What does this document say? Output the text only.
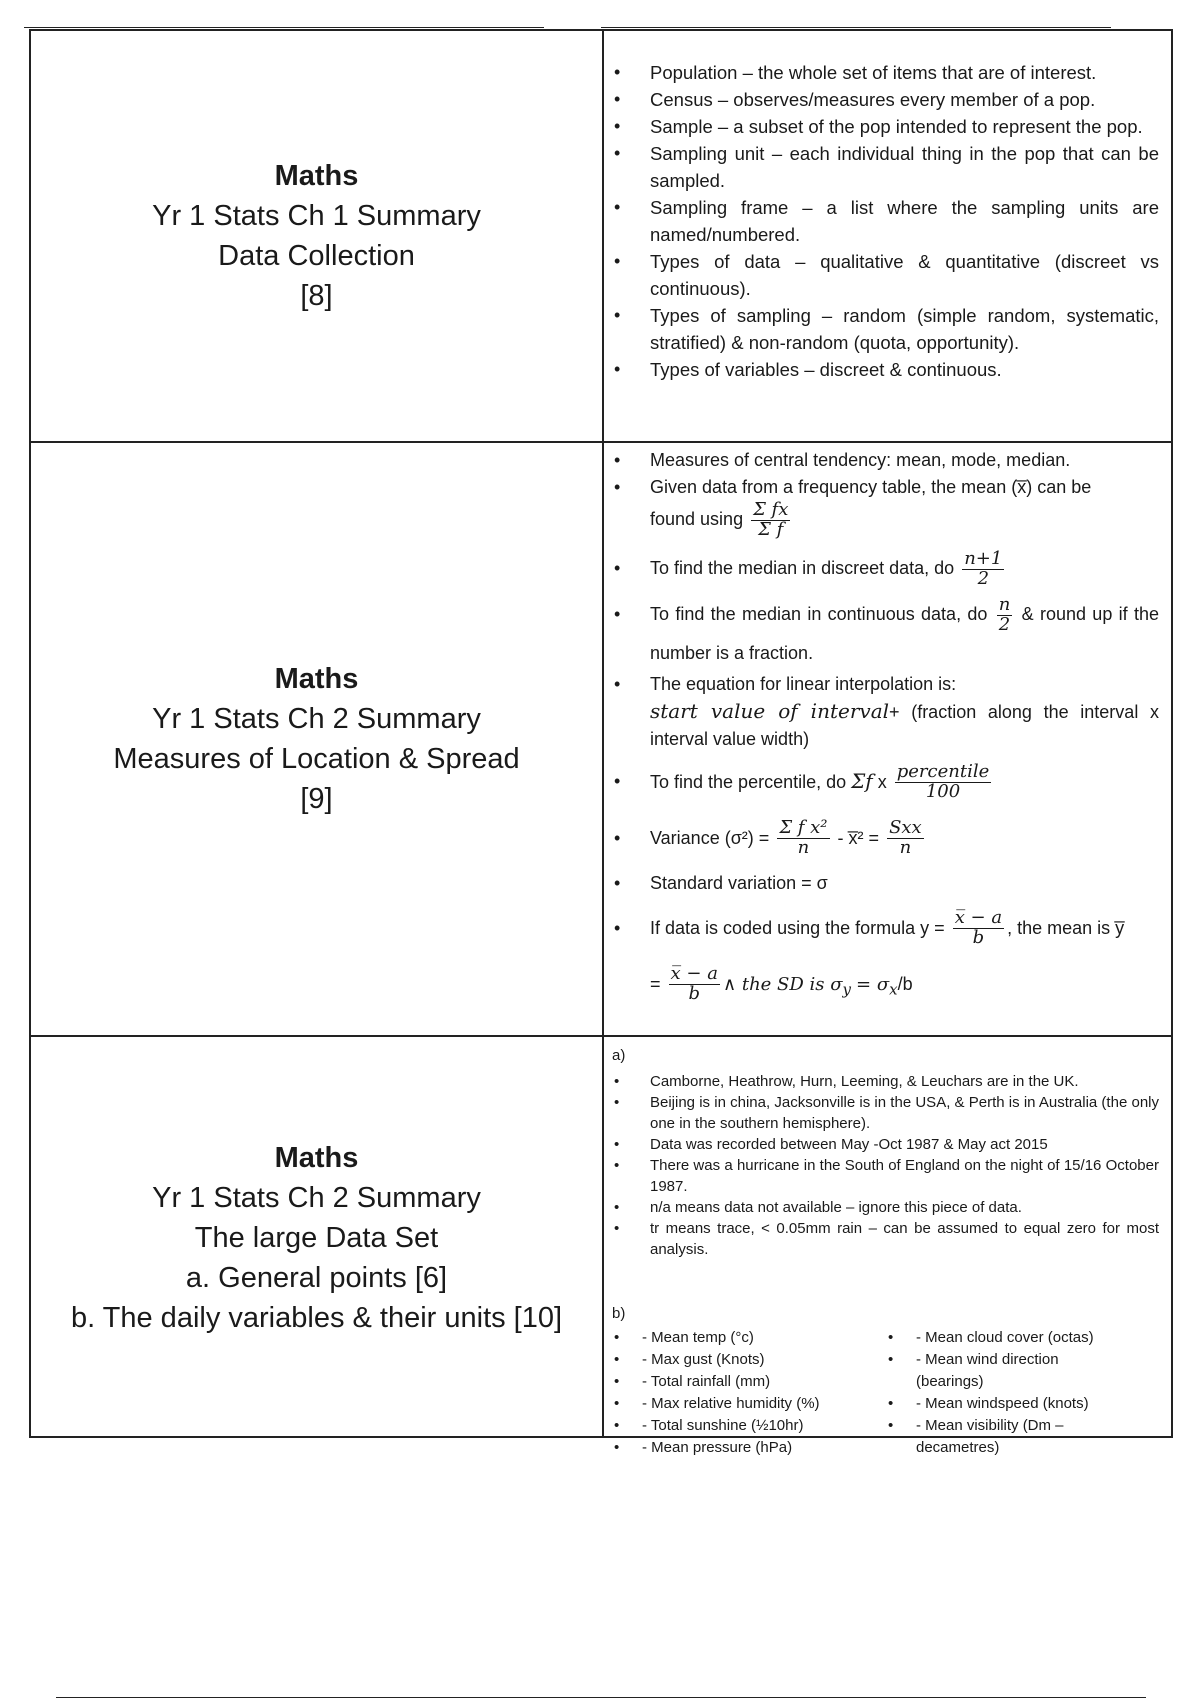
Maths
Yr 1 Stats Ch 1 Summary
Data Collection
[8]
• Population – the whole set of items that are of interest.
• Census – observes/measures every member of a pop.
• Sample – a subset of the pop intended to represent the pop.
• Sampling unit – each individual thing in the pop that can be sampled.
• Sampling frame – a list where the sampling units are named/numbered.
• Types of data – qualitative & quantitative (discreet vs continuous).
• Types of sampling – random (simple random, systematic, stratified) & non-random (quota, opportunity).
• Types of variables – discreet & continuous.
Maths
Yr 1 Stats Ch 2 Summary
Measures of Location & Spread
[9]
• Measures of central tendency: mean, mode, median.
• Given data from a frequency table, the mean (x̅) can be
found using $\frac{\text{Σ fx}}{\text{Σ f}}$
• To find the median in discreet data, do $\frac{n+1}{2}$
• To find the median in continuous data, do $\frac{n}{2}$ & round up if the number is a fraction.
• The equation for linear interpolation is:
start value of interval+ (fraction along the interval x interval value width)
• To find the percentile, do Σf x $\frac{\text{percentile}}{100}$
• Variance $(\sigma^2) = \frac{\text{Σ f x²}}{n}$ - x̅² = $\frac{\text{Sxx}}{n}$
• Standard variation = σ
• If data is coded using the formula $y = \frac{x̅ - a}{b}$ , the mean is y̅
= $\frac{x̅ - a}{b}$ ∧ the SD is $\sigma_y = \sigma_x/b$
Maths
Yr 1 Stats Ch 2 Summary
The large Data Set
a. General points [6]
b. The daily variables & their units [10]
a)
• Camborne, Heathrow, Hurn, Leeming, & Leuchars are in the UK.
• Beijing is in china, Jacksonville is in the USA, & Perth is in Australia (the only one in the southern hemisphere).
• Data was recorded between May -Oct 1987 & May act 2015
• There was a hurricane in the South of England on the night of 15/16 October 1987.
• n/a means data not available – ignore this piece of data.
• tr means trace, < 0.05mm rain – can be assumed to equal zero for most analysis.
b)
• - Mean temp (°c)
• - Max gust (Knots)
• - Total rainfall (mm)
• - Max relative humidity (%)
• - Total sunshine (½10hr)
• - Mean pressure (hPa)
• - Mean cloud cover (octas)
• - Mean wind direction (bearings)
• - Mean windspeed (knots)
• - Mean visibility (Dm – decametres)
